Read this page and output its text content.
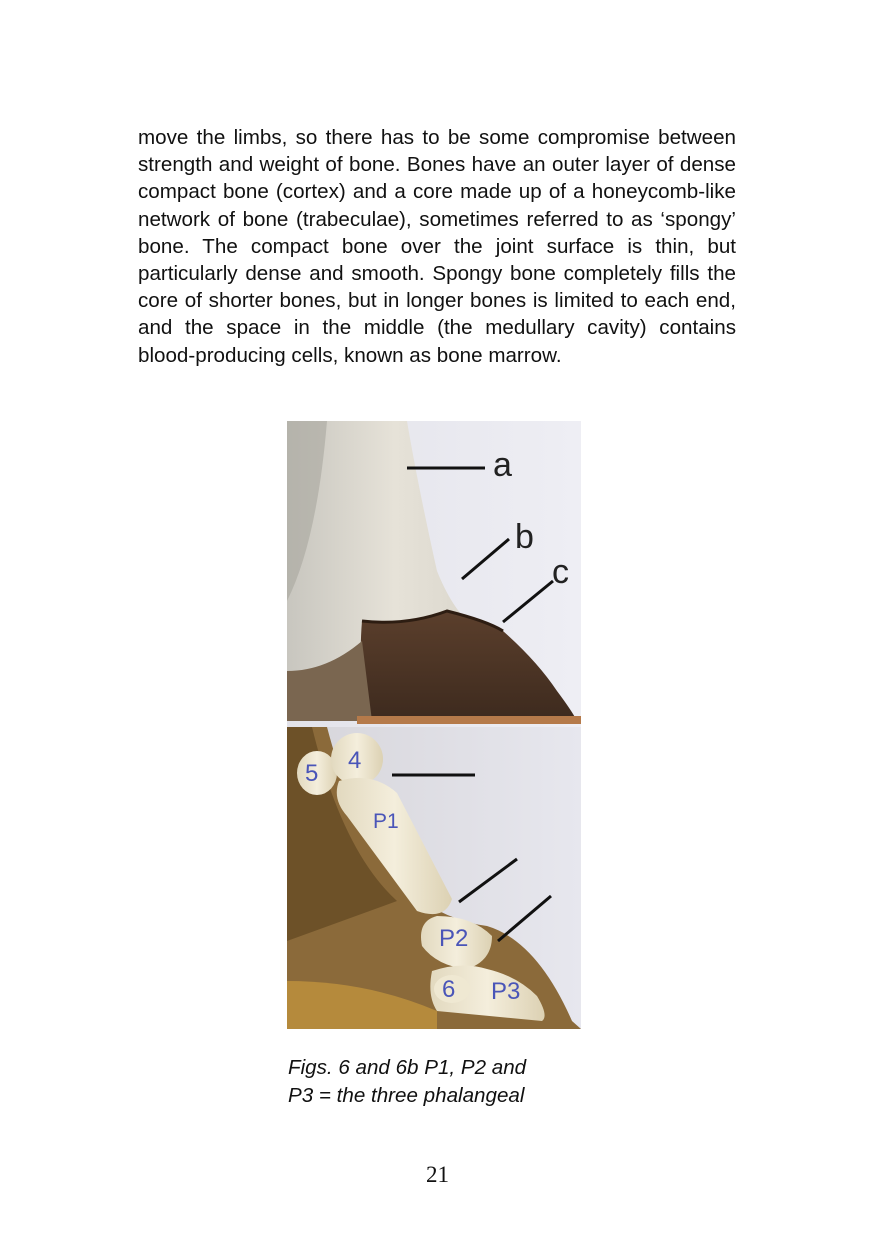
move the limbs, so there has to be some compromise between strength and weight of bone. Bones have an outer layer of dense compact bone (cortex) and a core made up of a honeycomb-like network of bone (trabeculae), sometimes referred to as ‘spongy’ bone. The compact bone over the joint surface is thin, but particularly dense and smooth. Spongy bone completely fills the core of shorter bones, but in longer bones is limited to each end, and the space in the middle (the medullary cavity) contains blood-producing cells, known as bone marrow.

a
b
c
5 4
P1
P2
6 P3

Figs. 6 and 6b P1, P2 and
P3 = the three phalangeal

21
